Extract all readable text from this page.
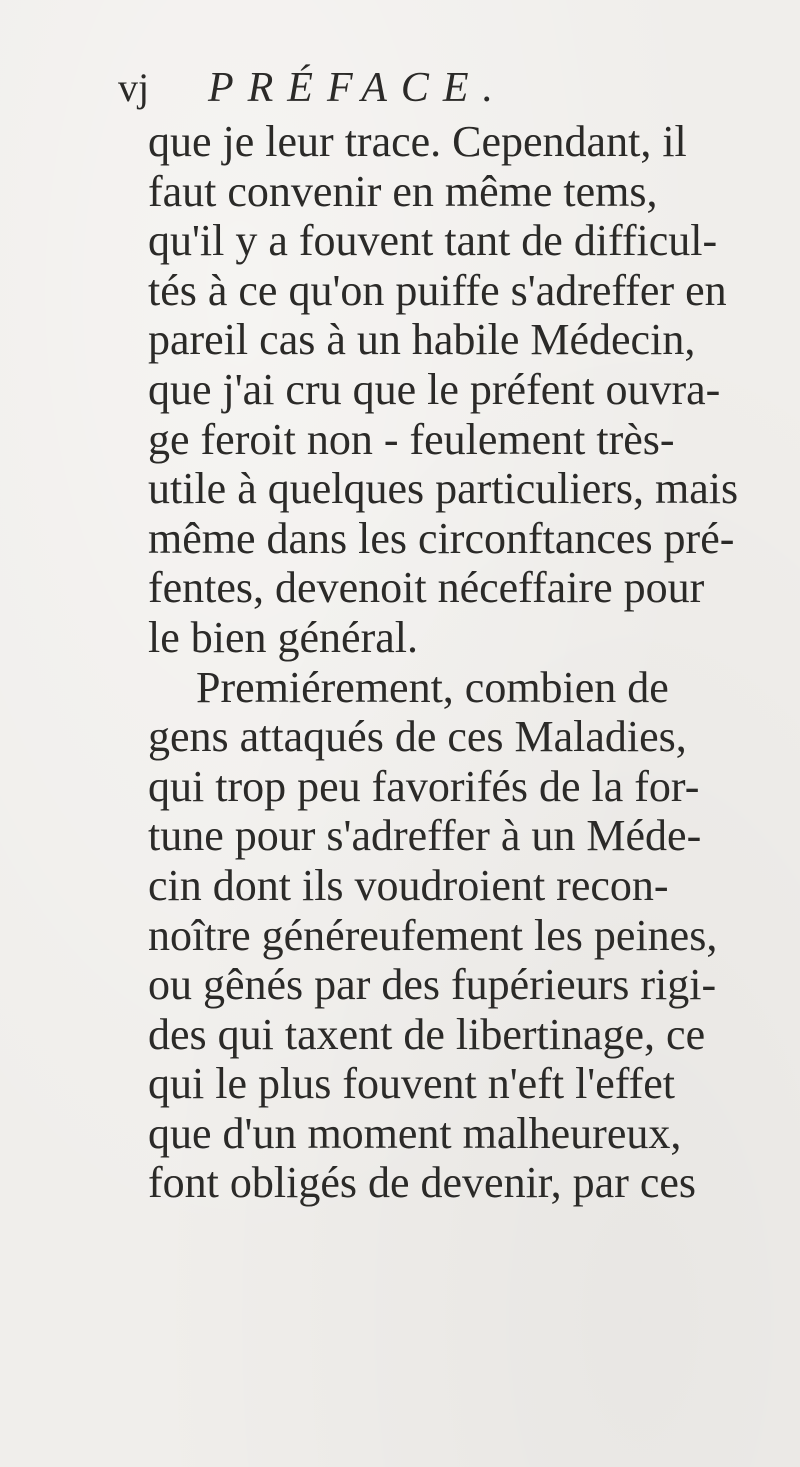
vj	PRÉFACE.
que je leur trace. Cependant, il
faut convenir en même tems,
qu'il y a fouvent tant de difficul-
tés à ce qu'on puiffe s'adreffer en
pareil cas à un habile Médecin,
que j'ai cru que le préfent ouvra-
ge feroit non - feulement très-
utile à quelques particuliers, mais
même dans les circonftances pré-
fentes, devenoit néceffaire pour
le bien général.
Premiérement, combien de
gens attaqués de ces Maladies,
qui trop peu favorifés de la for-
tune pour s'adreffer à un Méde-
cin dont ils voudroient recon-
noître généreufement les peines,
ou gênés par des fupérieurs rigi-
des qui taxent de libertinage, ce
qui le plus fouvent n'eft l'effet
que d'un moment malheureux,
font obligés de devenir, par ces
